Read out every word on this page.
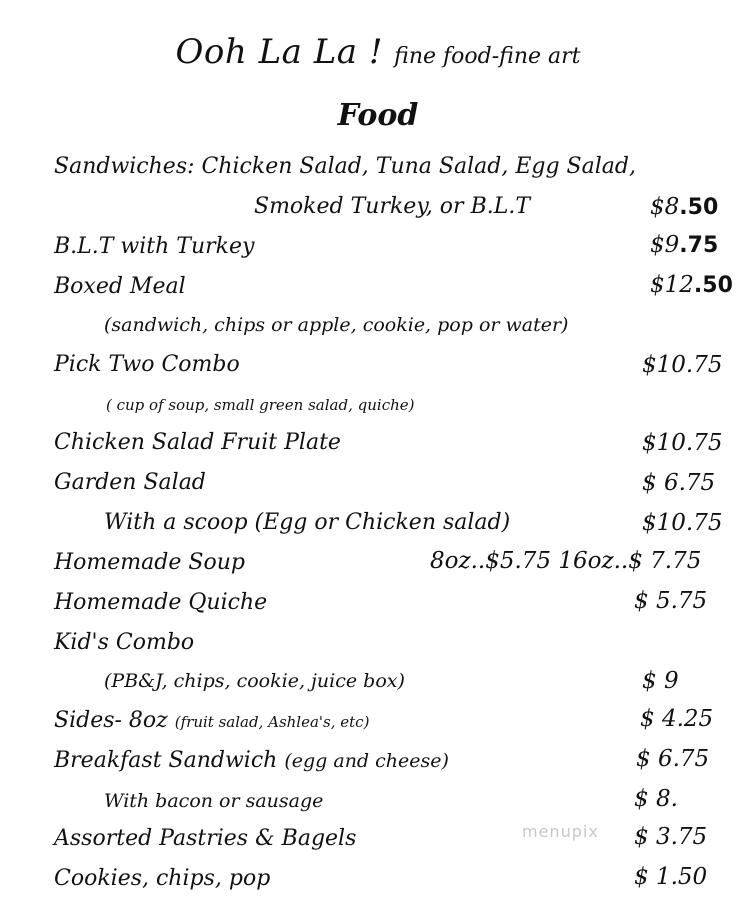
Ooh La La ! fine food-fine art
Food
Sandwiches: Chicken Salad, Tuna Salad, Egg Salad,
Smoked Turkey, or B.L.T	$8.50
B.L.T with Turkey	$9.75
Boxed Meal	$12.50
(sandwich, chips or apple, cookie, pop or water)
Pick Two Combo	$10.75
( cup of soup, small green salad, quiche)
Chicken Salad Fruit Plate	$10.75
Garden Salad	$ 6.75
With a scoop (Egg or Chicken salad)	$10.75
Homemade Soup	8oz..$5.75 16oz..$ 7.75
Homemade Quiche	$ 5.75
Kid's Combo
(PB&J, chips, cookie, juice box)	$ 9
Sides- 8oz (fruit salad, Ashlea's, etc)	$ 4.25
Breakfast Sandwich (egg and cheese)	$ 6.75
With bacon or sausage	$ 8.
Assorted Pastries & Bagels	$ 3.75
Cookies, chips, pop	$ 1.50
menupix
